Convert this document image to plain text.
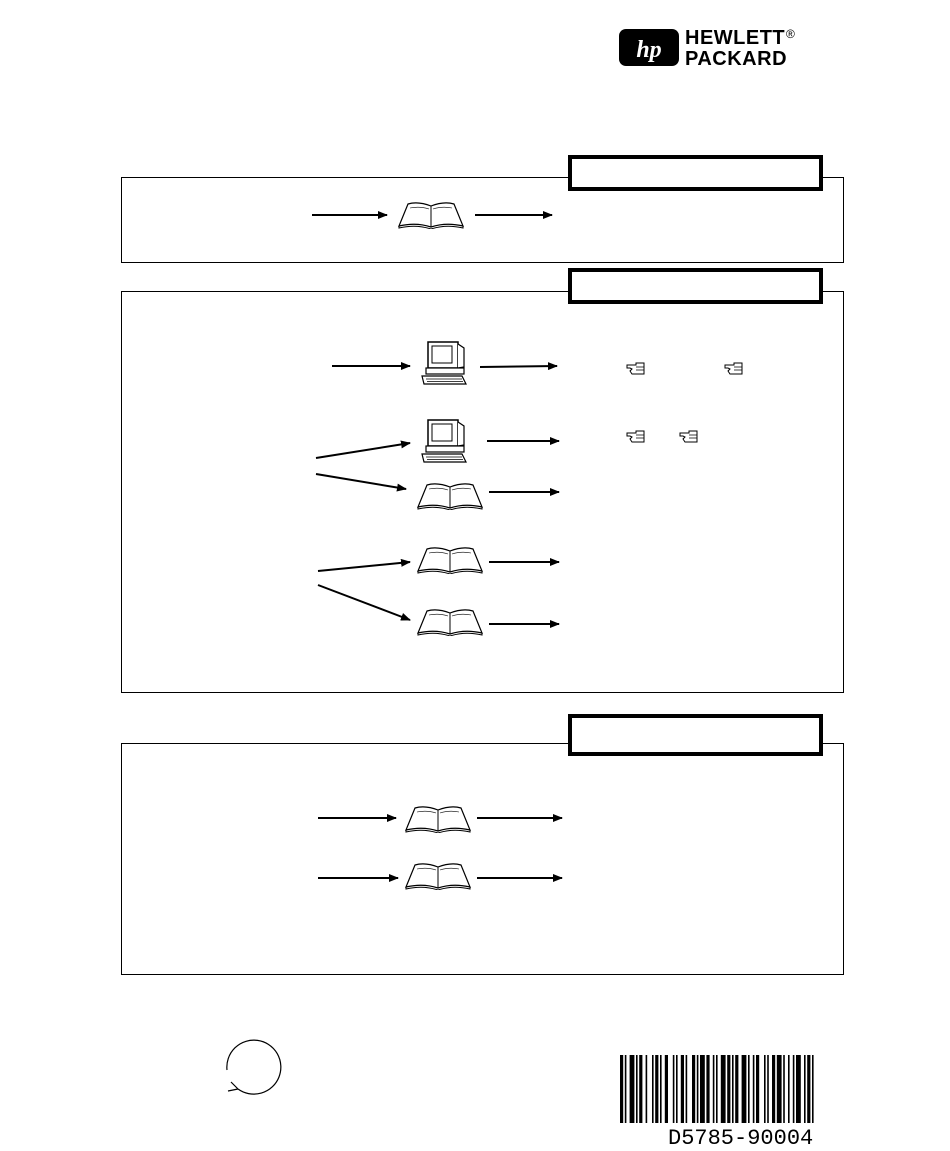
hp HEWLETT ®
PACKARD
D5785-90004
